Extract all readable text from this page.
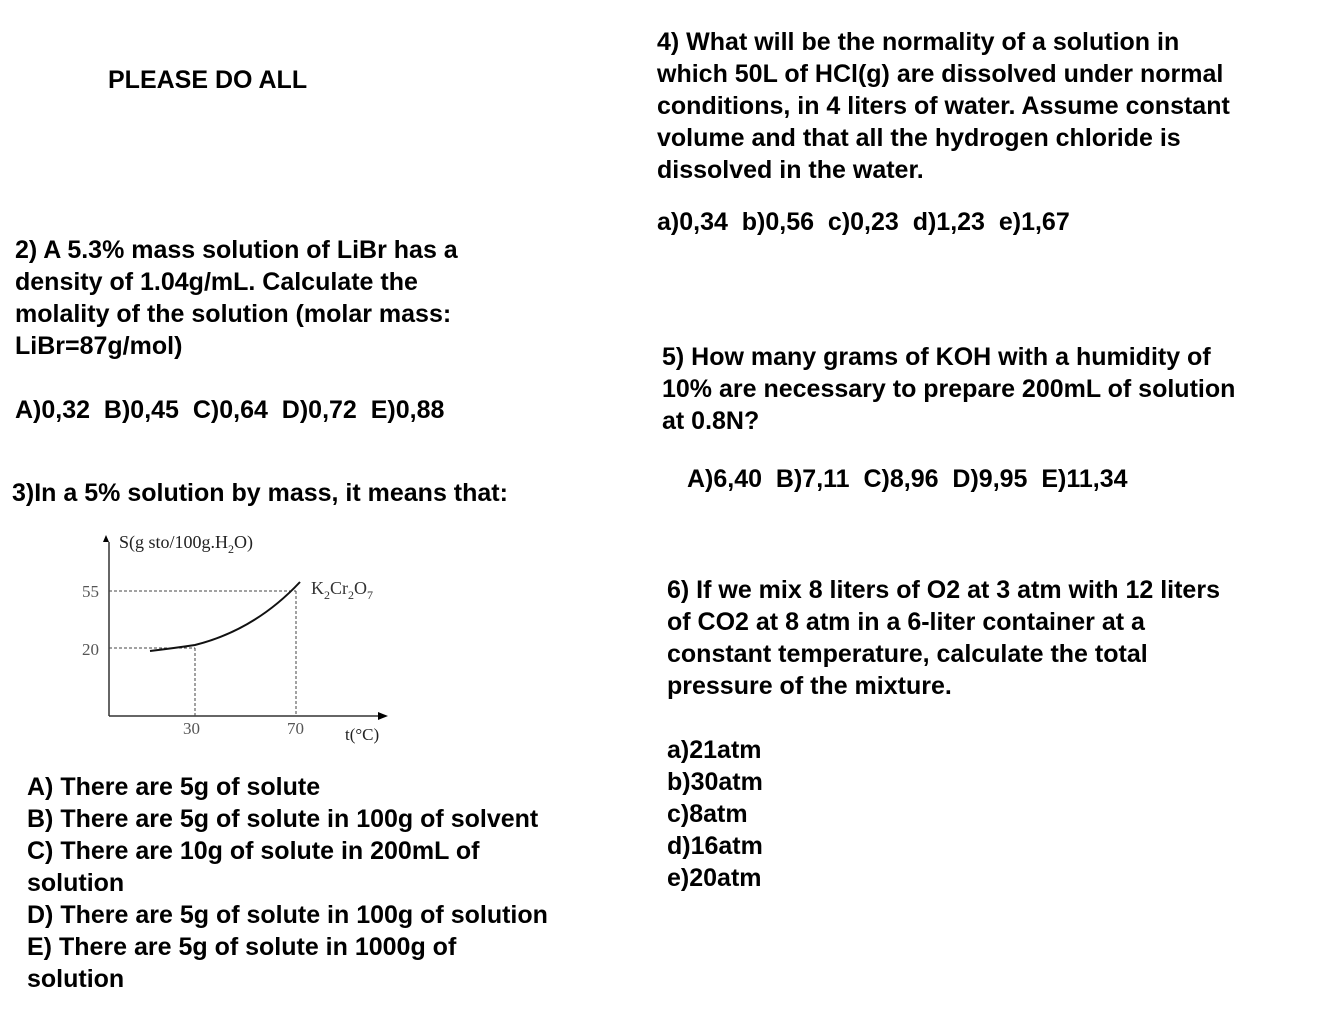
PLEASE DO ALL
2) A 5.3% mass solution of LiBr has a
density of 1.04g/mL. Calculate the
molality of the solution (molar mass:
LiBr=87g/mol)
A)0,32  B)0,45  C)0,64  D)0,72  E)0,88
3)In a 5% solution by mass, it means that:
S(g sto/$100g.H_2O$)
55
20
30	70 t(°C)
$K_2Cr_2O_7$
A) There are 5g of solute
B) There are 5g of solute in 100g of solvent
C) There are 10g of solute in 200mL of
solution
D) There are 5g of solute in 100g of solution
E) There are 5g of solute in 1000g of
solution
4) What will be the normality of a solution in
which 50L of HCl(g) are dissolved under normal
conditions, in 4 liters of water. Assume constant
volume and that all the hydrogen chloride is
dissolved in the water.
a)0,34  b)0,56  c)0,23  d)1,23  e)1,67
5) How many grams of KOH with a humidity of
10% are necessary to prepare 200mL of solution
at 0.8N?
A)6,40  B)7,11  C)8,96  D)9,95  E)11,34
6) If we mix 8 liters of O2 at 3 atm with 12 liters
of CO2 at 8 atm in a 6-liter container at a
constant temperature, calculate the total
pressure of the mixture.
a)21atm
b)30atm
c)8atm
d)16atm
e)20atm
